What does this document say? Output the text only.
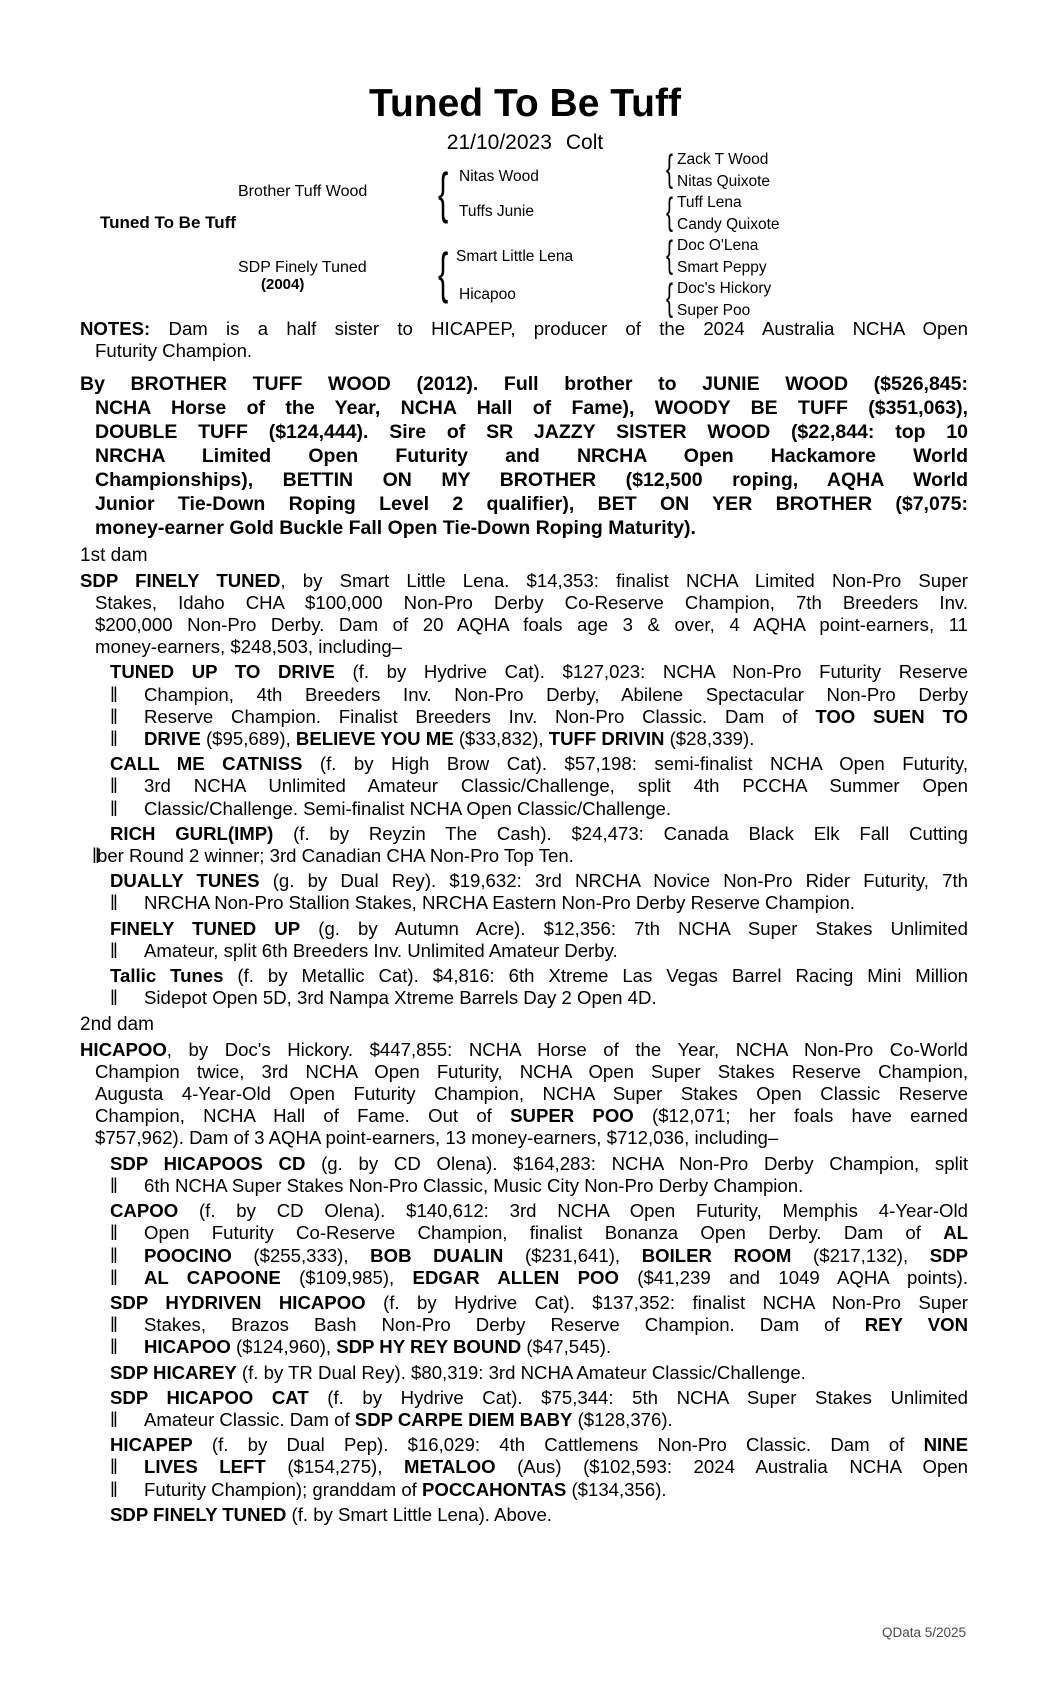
Tuned To Be Tuff
21/10/2023 Colt
Tuned To Be Tuff
Brother Tuff Wood
SDP Finely Tuned
(2004)
{
{
Nitas Wood
Tuffs Junie
Smart Little Lena
Hicapoo
{ Zack T Wood
Nitas Quixote
{ Tuff Lena
Candy Quixote
{ Doc O'Lena
Smart Peppy
{ Doc's Hickory
Super Poo
NOTES: Dam is a half sister to HICAPEP, producer of the 2024 Australia NCHA Open
Futurity Champion.
By BROTHER TUFF WOOD (2012). Full brother to JUNIE WOOD ($526,845:
NCHA Horse of the Year, NCHA Hall of Fame), WOODY BE TUFF ($351,063),
DOUBLE TUFF ($124,444). Sire of SR JAZZY SISTER WOOD ($22,844: top 10
NRCHA Limited Open Futurity and NRCHA Open Hackamore World
Championships), BETTIN ON MY BROTHER ($12,500 roping, AQHA World
Junior Tie-Down Roping Level 2 qualifier), BET ON YER BROTHER ($7,075:
money-earner Gold Buckle Fall Open Tie-Down Roping Maturity).
1st dam
SDP FINELY TUNED, by Smart Little Lena. $14,353: finalist NCHA Limited Non-Pro Super
Stakes, Idaho CHA $100,000 Non-Pro Derby Co-Reserve Champion, 7th Breeders Inv.
$200,000 Non-Pro Derby. Dam of 20 AQHA foals age 3 & over, 4 AQHA point-earners, 11
money-earners, $248,503, including–
TUNED UP TO DRIVE (f. by Hydrive Cat). $127,023: NCHA Non-Pro Futurity Reserve
‖ Champion, 4th Breeders Inv. Non-Pro Derby, Abilene Spectacular Non-Pro Derby
‖ Reserve Champion. Finalist Breeders Inv. Non-Pro Classic. Dam of TOO SUEN TO
‖ DRIVE ($95,689), BELIEVE YOU ME ($33,832), TUFF DRIVIN ($28,339).
CALL ME CATNISS (f. by High Brow Cat). $57,198: semi-finalist NCHA Open Futurity,
‖ 3rd NCHA Unlimited Amateur Classic/Challenge, split 4th PCCHA Summer Open
‖ Classic/Challenge. Semi-finalist NCHA Open Classic/Challenge.
RICH GURL(IMP) (f. by Reyzin The Cash). $24,473: Canada Black Elk Fall Cutting
‖
ber Round 2 winner; 3rd Canadian CHA Non-Pro Top Ten.
DUALLY TUNES (g. by Dual Rey). $19,632: 3rd NRCHA Novice Non-Pro Rider Futurity, 7th
‖ NRCHA Non-Pro Stallion Stakes, NRCHA Eastern Non-Pro Derby Reserve Champion.
FINELY TUNED UP (g. by Autumn Acre). $12,356: 7th NCHA Super Stakes Unlimited
‖ Amateur, split 6th Breeders Inv. Unlimited Amateur Derby.
Tallic Tunes (f. by Metallic Cat). $4,816: 6th Xtreme Las Vegas Barrel Racing Mini Million
‖ Sidepot Open 5D, 3rd Nampa Xtreme Barrels Day 2 Open 4D.
2nd dam
HICAPOO, by Doc's Hickory. $447,855: NCHA Horse of the Year, NCHA Non-Pro Co-World
Champion twice, 3rd NCHA Open Futurity, NCHA Open Super Stakes Reserve Champion,
Augusta 4-Year-Old Open Futurity Champion, NCHA Super Stakes Open Classic Reserve
Champion, NCHA Hall of Fame. Out of SUPER POO ($12,071; her foals have earned
$757,962). Dam of 3 AQHA point-earners, 13 money-earners, $712,036, including–
SDP HICAPOOS CD (g. by CD Olena). $164,283: NCHA Non-Pro Derby Champion, split
‖ 6th NCHA Super Stakes Non-Pro Classic, Music City Non-Pro Derby Champion.
CAPOO (f. by CD Olena). $140,612: 3rd NCHA Open Futurity, Memphis 4-Year-Old
‖ Open Futurity Co-Reserve Champion, finalist Bonanza Open Derby. Dam of AL
‖ POOCINO ($255,333), BOB DUALIN ($231,641), BOILER ROOM ($217,132), SDP
‖ AL CAPOONE ($109,985), EDGAR ALLEN POO ($41,239 and 1049 AQHA points).
SDP HYDRIVEN HICAPOO (f. by Hydrive Cat). $137,352: finalist NCHA Non-Pro Super
‖ Stakes, Brazos Bash Non-Pro Derby Reserve Champion. Dam of REY VON
‖ HICAPOO ($124,960), SDP HY REY BOUND ($47,545).
SDP HICAREY (f. by TR Dual Rey). $80,319: 3rd NCHA Amateur Classic/Challenge.
SDP HICAPOO CAT (f. by Hydrive Cat). $75,344: 5th NCHA Super Stakes Unlimited
‖ Amateur Classic. Dam of SDP CARPE DIEM BABY ($128,376).
HICAPEP (f. by Dual Pep). $16,029: 4th Cattlemens Non-Pro Classic. Dam of NINE
‖ LIVES LEFT ($154,275), METALOO (Aus) ($102,593: 2024 Australia NCHA Open
‖ Futurity Champion); granddam of POCCAHONTAS ($134,356).
SDP FINELY TUNED (f. by Smart Little Lena). Above.
QData 5/2025
